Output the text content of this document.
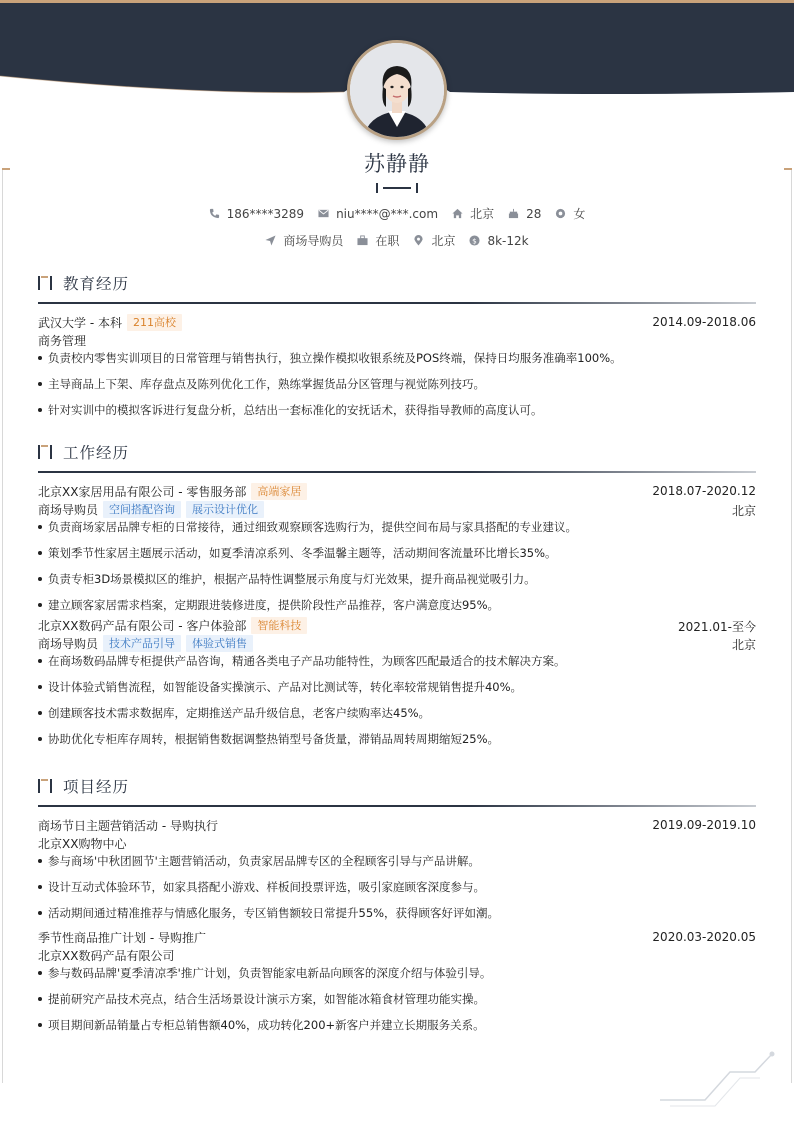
苏静静
186****3289	niu****@***.com	北京	28	女
商场导购员	在职	北京 $ 8k-12k
教育经历
武汉大学 - 本科	211高校	2014.09-2018.06
商务管理
负责校内零售实训项目的日常管理与销售执行，独立操作模拟收银系统及POS终端，保持日均服务准确率100%。
主导商品上下架、库存盘点及陈列优化工作，熟练掌握货品分区管理与视觉陈列技巧。
针对实训中的模拟客诉进行复盘分析，总结出一套标准化的安抚话术，获得指导教师的高度认可。
工作经历
北京XX家居用品有限公司 - 零售服务部	高端家居	2018.07-2020.12
商场导购员	空间搭配咨询	展示设计优化	北京
负责商场家居品牌专柜的日常接待，通过细致观察顾客选购行为，提供空间布局与家具搭配的专业建议。
策划季节性家居主题展示活动，如夏季清凉系列、冬季温馨主题等，活动期间客流量环比增长35%。
负责专柜3D场景模拟区的维护，根据产品特性调整展示角度与灯光效果，提升商品视觉吸引力。
建立顾客家居需求档案，定期跟进装修进度，提供阶段性产品推荐，客户满意度达95%。
北京XX数码产品有限公司 - 客户体验部	智能科技	2021.01-至今
商场导购员	技术产品引导	体验式销售	北京
在商场数码品牌专柜提供产品咨询，精通各类电子产品功能特性，为顾客匹配最适合的技术解决方案。
设计体验式销售流程，如智能设备实操演示、产品对比测试等，转化率较常规销售提升40%。
创建顾客技术需求数据库，定期推送产品升级信息，老客户续购率达45%。
协助优化专柜库存周转，根据销售数据调整热销型号备货量，滞销品周转周期缩短25%。
项目经历
商场节日主题营销活动 - 导购执行	2019.09-2019.10
北京XX购物中心
参与商场'中秋团圆节'主题营销活动，负责家居品牌专区的全程顾客引导与产品讲解。
设计互动式体验环节，如家具搭配小游戏、样板间投票评选，吸引家庭顾客深度参与。
活动期间通过精准推荐与情感化服务，专区销售额较日常提升55%，获得顾客好评如潮。
季节性商品推广计划 - 导购推广	2020.03-2020.05
北京XX数码产品有限公司
参与数码品牌'夏季清凉季'推广计划，负责智能家电新品向顾客的深度介绍与体验引导。
提前研究产品技术亮点，结合生活场景设计演示方案，如智能冰箱食材管理功能实操。
项目期间新品销量占专柜总销售额40%，成功转化200+新客户并建立长期服务关系。
